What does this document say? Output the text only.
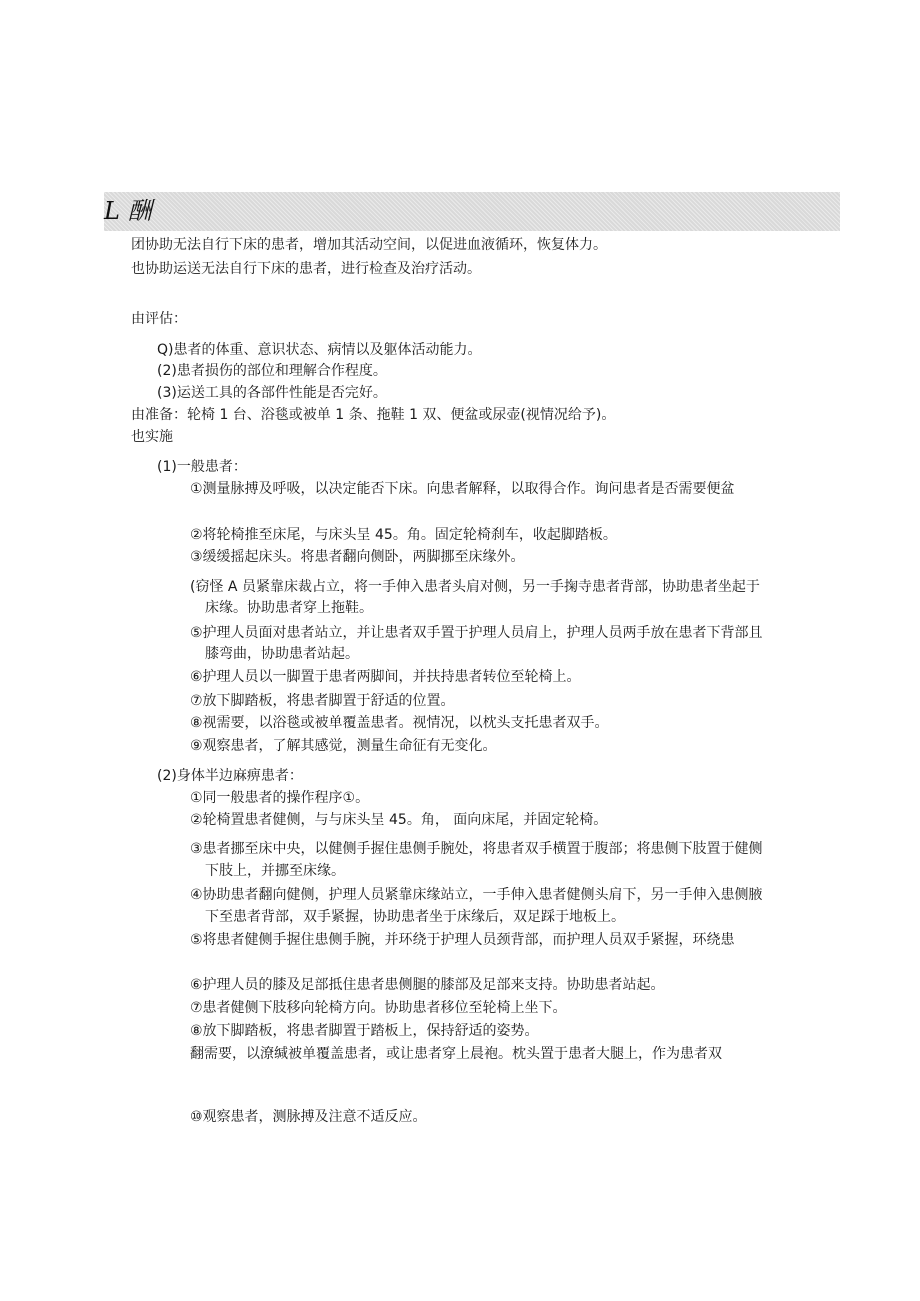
L 酬
团协助无法自行下床的患者，增加其活动空间，以促进血液循环，恢复体力。
也协助运送无法自行下床的患者，进行检查及治疗活动。
由评估：
Q)患者的体重、意识状态、病情以及躯体活动能力。
(2)患者损伤的部位和理解合作程度。
(3)运送工具的各部件性能是否完好。
由准备：轮椅 1 台、浴毯或被单 1 条、拖鞋 1 双、便盆或尿壶(视情况给予)。
也实施
(1)一般患者：
①测量脉搏及呼吸，以决定能否下床。向患者解释，以取得合作。询问患者是否需要便盆
②将轮椅推至床尾，与床头呈 45。角。固定轮椅刹车，收起脚踏板。
③缓缓摇起床头。将患者翻向侧卧，两脚挪至床缘外。
(窃怪 A 员紧靠床裁占立，将一手伸入患者头肩对侧，另一手掬寺患者背部，协助患者坐起于
床缘。协助患者穿上拖鞋。
⑤护理人员面对患者站立，并让患者双手置于护理人员肩上，护理人员两手放在患者下背部且
膝弯曲，协助患者站起。
⑥护理人员以一脚置于患者两脚间，并扶持患者转位至轮椅上。
⑦放下脚踏板，将患者脚置于舒适的位置。
⑧视需要，以浴毯或被单覆盖患者。视情况，以枕头支托患者双手。
⑨观察患者，了解其感觉，测量生命征有无变化。
(2)身体半边麻痹患者：
①同一般患者的操作程序①。
②轮椅置患者健侧，与与床头呈 45。角， 面向床尾，并固定轮椅。
③患者挪至床中央，以健侧手握住患侧手腕处，将患者双手横置于腹部；将患侧下肢置于健侧
下肢上，并挪至床缘。
④协助患者翻向健侧，护理人员紧靠床缘站立，一手伸入患者健侧头肩下，另一手伸入患侧腋
下至患者背部，双手紧握，协助患者坐于床缘后，双足踩于地板上。
⑤将患者健侧手握住患侧手腕，并环绕于护理人员颈背部，而护理人员双手紧握，环绕患
⑥护理人员的膝及足部抵住患者患侧腿的膝部及足部来支持。协助患者站起。
⑦患者健侧下肢移向轮椅方向。协助患者移位至轮椅上坐下。
⑧放下脚踏板，将患者脚置于踏板上，保持舒适的姿势。
翻需要，以潦缄被单覆盖患者，或让患者穿上晨袍。枕头置于患者大腿上，作为患者双
⑩观察患者，测脉搏及注意不适反应。
